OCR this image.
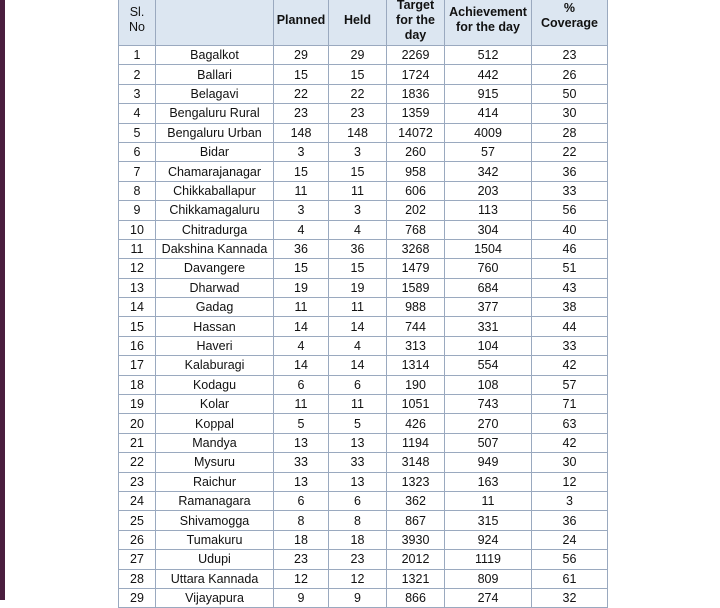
Sl. No		Planned	Held	Target for the day	Achievement for the day	%
Coverage
1	Bagalkot	29	29	2269	512	23
2	Ballari	15	15	1724	442	26
3	Belagavi	22	22	1836	915	50
4	Bengaluru Rural	23	23	1359	414	30
5	Bengaluru Urban	148	148	14072	4009	28
6	Bidar	3	3	260	57	22
7	Chamarajanagar	15	15	958	342	36
8	Chikkaballapur	11	11	606	203	33
9	Chikkamagaluru	3	3	202	113	56
10	Chitradurga	4	4	768	304	40
11	Dakshina Kannada	36	36	3268	1504	46
12	Davangere	15	15	1479	760	51
13	Dharwad	19	19	1589	684	43
14	Gadag	11	11	988	377	38
15	Hassan	14	14	744	331	44
16	Haveri	4	4	313	104	33
17	Kalaburagi	14	14	1314	554	42
18	Kodagu	6	6	190	108	57
19	Kolar	11	11	1051	743	71
20	Koppal	5	5	426	270	63
21	Mandya	13	13	1194	507	42
22	Mysuru	33	33	3148	949	30
23	Raichur	13	13	1323	163	12
24	Ramanagara	6	6	362	11	3
25	Shivamogga	8	8	867	315	36
26	Tumakuru	18	18	3930	924	24
27	Udupi	23	23	2012	1119	56
28	Uttara Kannada	12	12	1321	809	61
29	Vijayapura	9	9	866	274	32
